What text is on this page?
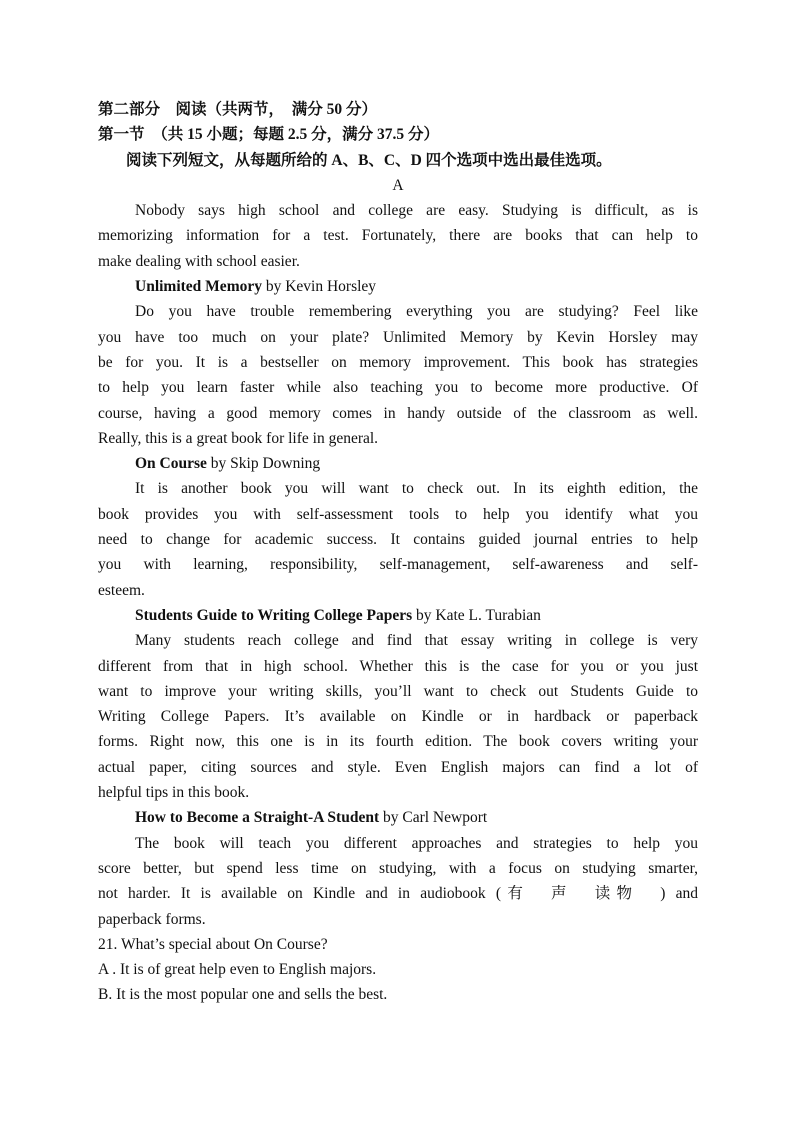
第二部分　阅读（共两节，　满分 50 分）

第一节　（共 15 小题；每题 2.5 分，满分 37.5 分）

阅读下列短文，从每题所给的 A、B、C、D 四个选项中选出最佳选项。

A

Nobody says high school and college are easy. Studying is difficult, as is

memorizing information for a test. Fortunately, there are books that can help to

make dealing with school easier.

Unlimited Memory by Kevin Horsley

Do you have trouble remembering everything you are studying? Feel like

you have too much on your plate? Unlimited Memory by Kevin Horsley may

be for you. It is a bestseller on memory improvement. This book has strategies

to help you learn faster while also teaching you to become more productive. Of

course, having a good memory comes in handy outside of the classroom as well.

Really, this is a great book for life in general.

On Course by Skip Downing

It is another book you will want to check out. In its eighth edition, the

book provides you with self-assessment tools to help you identify what you

need to change for academic success. It contains guided journal entries to help

you with learning, responsibility, self-management, self-awareness and self-

esteem.

Students Guide to Writing College Papers by Kate L. Turabian

Many students reach college and find that essay writing in college is very

different from that in high school. Whether this is the case for you or you just

want to improve your writing skills, you’ll want to check out Students Guide to

Writing College Papers. It’s available on Kindle or in hardback or paperback

forms. Right now, this one is in its fourth edition. The book covers writing your

actual paper, citing sources and style. Even English majors can find a lot of

helpful tips in this book.

How to Become a Straight-A Student by Carl Newport

The book will teach you different approaches and strategies to help you

score better, but spend less time on studying, with a focus on studying smarter,

not harder. It is available on Kindle and in audiobook (有　声　读物　) and

paperback forms.

21. What’s special about On Course?

A . It is of great help even to English majors.

B. It is the most popular one and sells the best.
